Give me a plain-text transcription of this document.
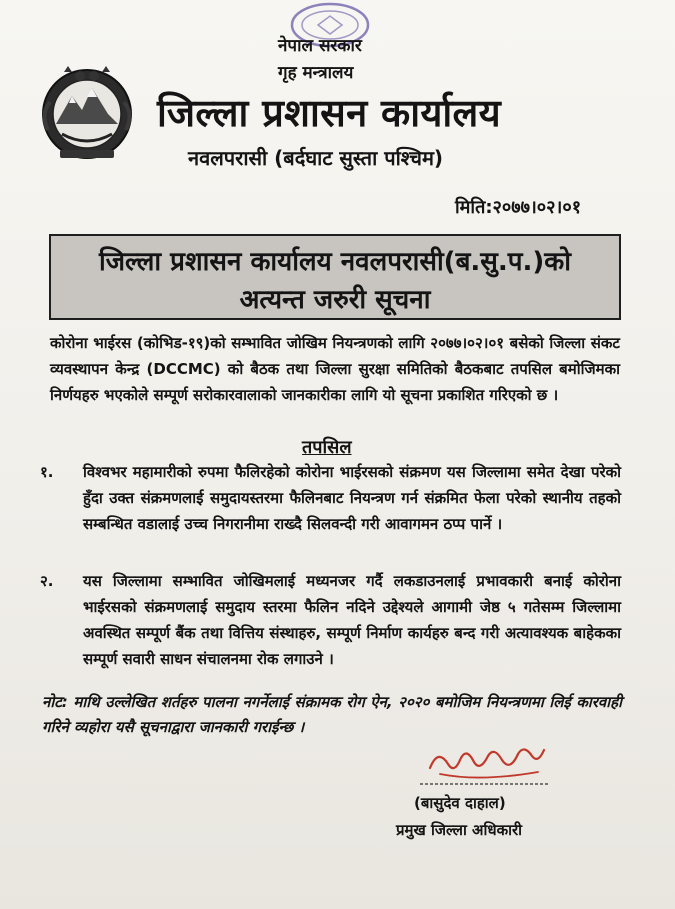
नेपाल सरकार
गृह मन्त्रालय
जिल्ला प्रशासन कार्यालय
नवलपरासी (बर्दघाट सुस्ता पश्चिम)
मिति:२०७७।०२।०१
जिल्ला प्रशासन कार्यालय नवलपरासी(ब.सु.प.)को
अत्यन्त जरुरी सूचना
कोरोना भाईरस (कोभिड-१९)को सम्भावित जोखिम नियन्त्रणको लागि २०७७।०२।०१ बसेको जिल्ला संकट व्यवस्थापन केन्द्र (DCCMC) को बैठक तथा जिल्ला सुरक्षा समितिको बैठकबाट तपसिल बमोजिमका निर्णयहरु भएकोले सम्पूर्ण सरोकारवालाको जानकारीका लागि यो सूचना प्रकाशित गरिएको छ ।
तपसिल
१. विश्वभर महामारीको रुपमा फैलिरहेको कोरोना भाईरसको संक्रमण यस जिल्लामा समेत देखा परेको हुँदा उक्त संक्रमणलाई समुदायस्तरमा फैलिनबाट नियन्त्रण गर्न संक्रमित फेला परेको स्थानीय तहको सम्बन्धित वडालाई उच्च निगरानीमा राख्दै सिलवन्दी गरी आवागमन ठप्प पार्ने ।
२. यस जिल्लामा सम्भावित जोखिमलाई मध्यनजर गर्दै लकडाउनलाई प्रभावकारी बनाई कोरोना भाईरसको संक्रमणलाई समुदाय स्तरमा फैलिन नदिने उद्देश्यले आगामी जेष्ठ ५ गतेसम्म जिल्लामा अवस्थित सम्पूर्ण बैंक तथा वित्तिय संस्थाहरु, सम्पूर्ण निर्माण कार्यहरु बन्द गरी अत्यावश्यक बाहेकका सम्पूर्ण सवारी साधन संचालनमा रोक लगाउने ।
नोट: माथि उल्लेखित शर्तहरु पालना नगर्नेलाई संक्रामक रोग ऐन, २०२० बमोजिम नियन्त्रणमा लिई कारवाही गरिने व्यहोरा यसै सूचनाद्वारा जानकारी गराईन्छ ।
(बासुदेव दाहाल)
प्रमुख जिल्ला अधिकारी
